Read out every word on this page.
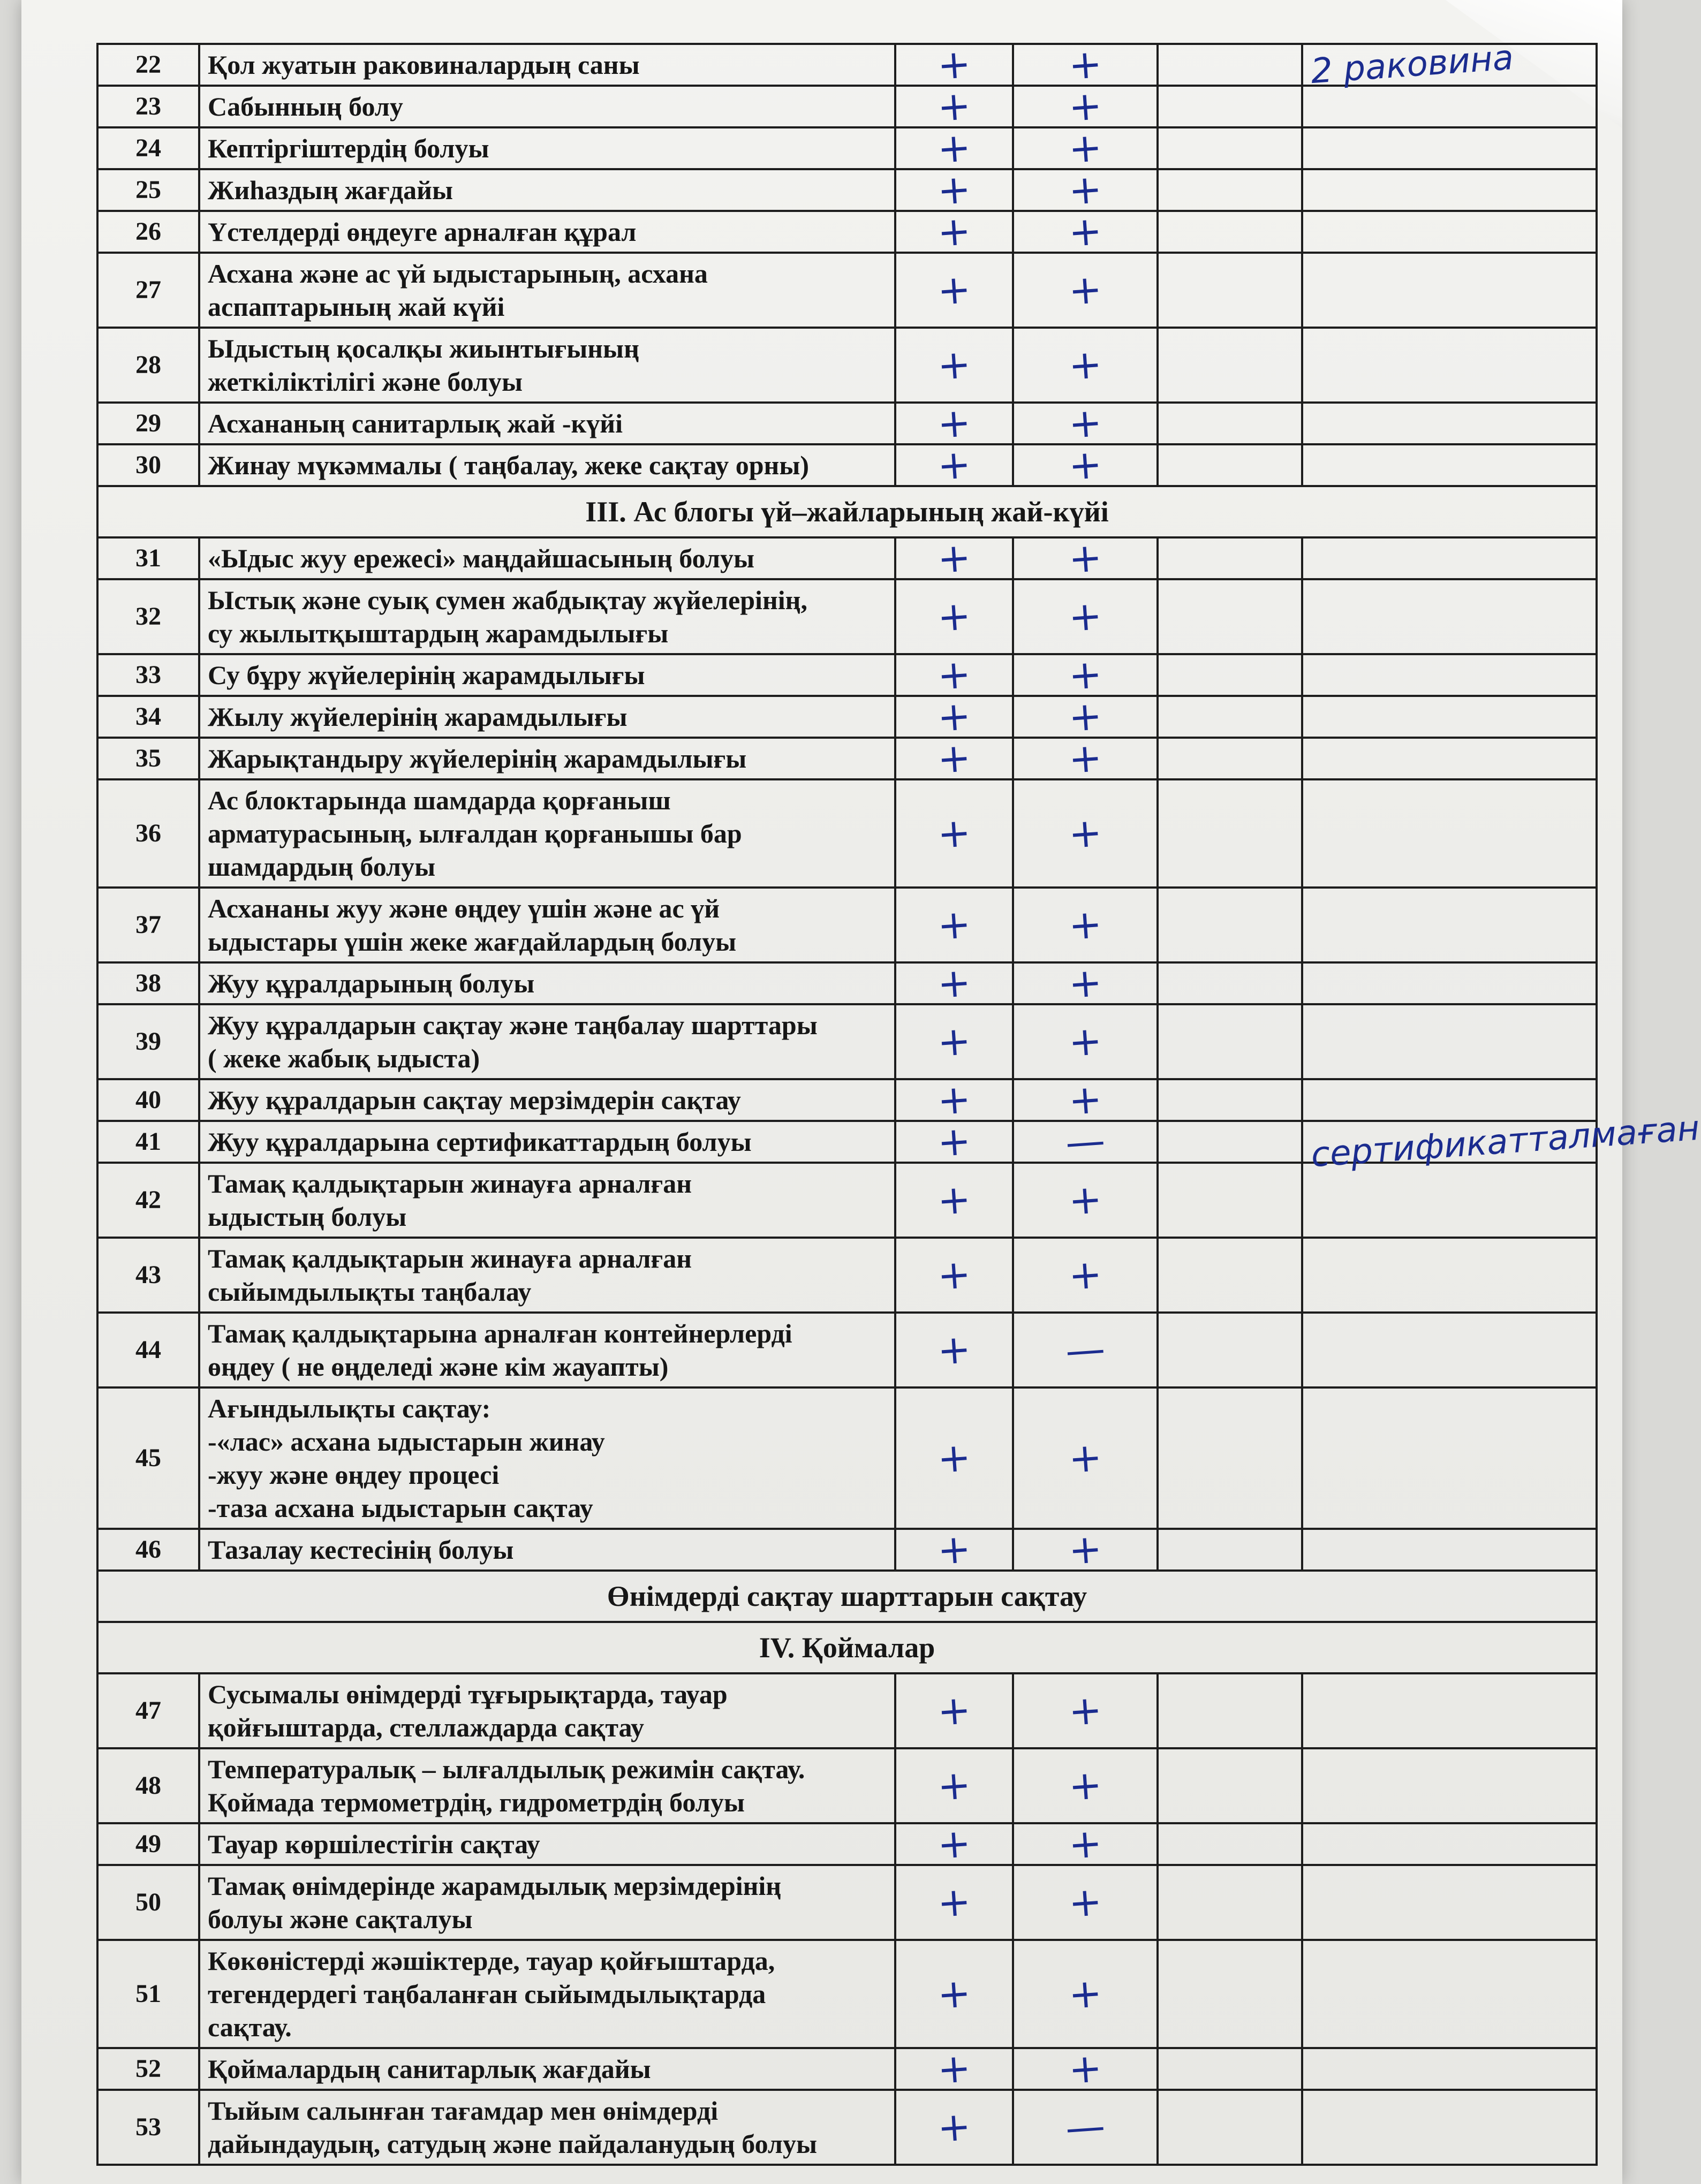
22	Қол жуатын раковиналардың саны	+	+		2 раковина
23	Сабынның болу	+	+		
24	Кептіргіштердің болуы	+	+		
25	Жиһаздың жағдайы	+	+		
26	Үстелдерді өңдеуге арналған құрал	+	+		
27	Асхана және ас үй ыдыстарының, асхана
аспаптарының жай күйі	+	+		
28	Ыдыстың қосалқы жиынтығының
жеткіліктілігі және болуы	+	+		
29	Асхананың санитарлық жай -күйі	+	+		
30	Жинау мүкәммалы ( таңбалау, жеке сақтау орны)	+	+		
ІІІ. Ас блогы үй–жайларының жай-күйі					
31	«Ыдыс жуу ережесі» маңдайшасының болуы	+	+		
32	Ыстық және суық сумен жабдықтау жүйелерінің,
су жылытқыштардың жарамдылығы	+	+		
33	Су бұру жүйелерінің жарамдылығы	+	+		
34	Жылу жүйелерінің жарамдылығы	+	+		
35	Жарықтандыру жүйелерінің жарамдылығы	+	+		
36	Ас блоктарында шамдарда қорғаныш
арматурасының, ылғалдан қорғанышы бар
шамдардың болуы	+	+		
37	Асхананы жуу және өңдеу үшін және ас үй
ыдыстары үшін жеке жағдайлардың болуы	+	+		
38	Жуу құралдарының болуы	+	+		
39	Жуу құралдарын сақтау және таңбалау шарттары
( жеке жабық ыдыста)	+	+		
40	Жуу құралдарын сақтау мерзімдерін сақтау	+	+		
41	Жуу құралдарына сертификаттардың болуы	+	—		сертификатталмаған
42	Тамақ қалдықтарын жинауға арналған
ыдыстың болуы	+	+		
43	Тамақ қалдықтарын жинауға арналған
сыйымдылықты таңбалау	+	+		
44	Тамақ қалдықтарына арналған контейнерлерді
өңдеу ( не өңделеді және кім жауапты)	+	—		
45	Ағындылықты сақтау:
-«лас» асхана ыдыстарын жинау
-жуу және өңдеу процесі
-таза асхана ыдыстарын сақтау	+	+		
46	Тазалау кестесінің болуы	+	+		
Өнімдерді сақтау шарттарын сақтау					
IV. Қоймалар					
47	Сусымалы өнімдерді тұғырықтарда, тауар
қойғыштарда, стеллаждарда сақтау	+	+		
48	Температуралық – ылғалдылық режимін сақтау.
Қоймада термометрдің, гидрометрдің болуы	+	+		
49	Тауар көршілестігін сақтау	+	+		
50	Тамақ өнімдерінде жарамдылық мерзімдерінің
болуы және сақталуы	+	+		
51	Көкөністерді жәшіктерде, тауар қойғыштарда,
тегендердегі таңбаланған сыйымдылықтарда
сақтау.	+	+		
52	Қоймалардың санитарлық жағдайы	+	+		
53	Тыйым салынған тағамдар мен өнімдерді
дайындаудың, сатудың және пайдаланудың болуы	+	—		
